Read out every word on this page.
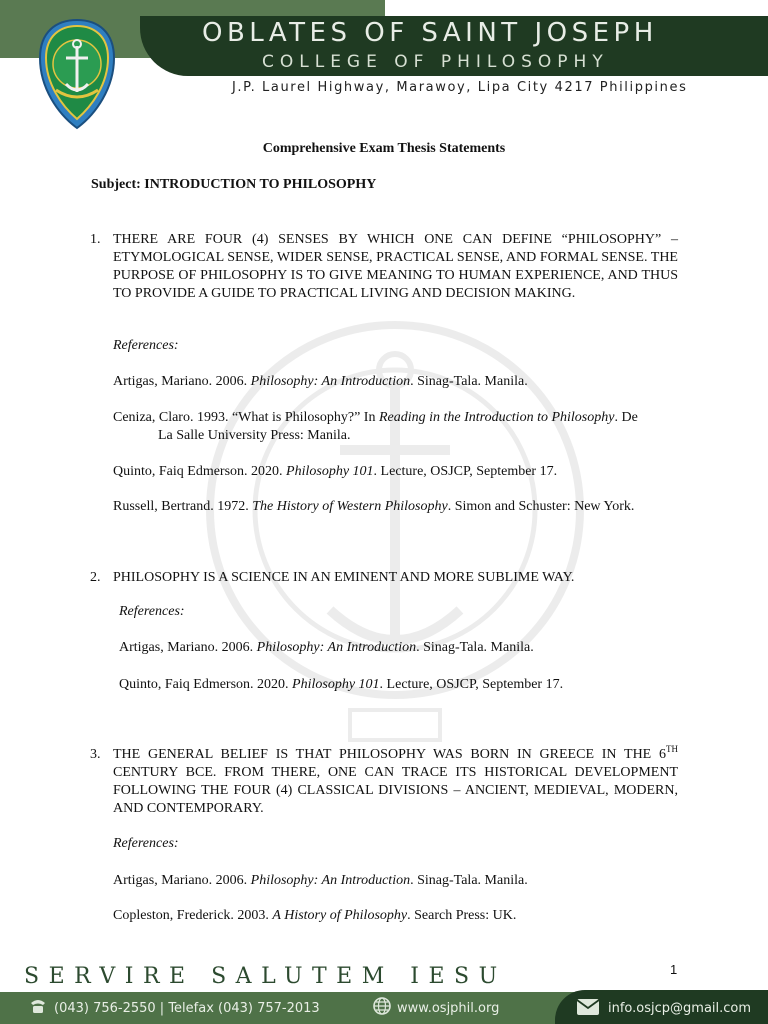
OBLATES OF SAINT JOSEPH
COLLEGE OF PHILOSOPHY
J.P. Laurel Highway, Marawoy, Lipa City 4217 Philippines
Comprehensive Exam Thesis Statements
Subject: INTRODUCTION TO PHILOSOPHY
1. THERE ARE FOUR (4) SENSES BY WHICH ONE CAN DEFINE “PHILOSOPHY” – ETYMOLOGICAL SENSE, WIDER SENSE, PRACTICAL SENSE, AND FORMAL SENSE. THE PURPOSE OF PHILOSOPHY IS TO GIVE MEANING TO HUMAN EXPERIENCE, AND THUS TO PROVIDE A GUIDE TO PRACTICAL LIVING AND DECISION MAKING.
References:
Artigas, Mariano. 2006. Philosophy: An Introduction. Sinag-Tala. Manila.
Ceniza, Claro. 1993. “What is Philosophy?” In Reading in the Introduction to Philosophy. De
La Salle University Press: Manila.
Quinto, Faiq Edmerson. 2020. Philosophy 101. Lecture, OSJCP, September 17.
Russell, Bertrand. 1972. The History of Western Philosophy. Simon and Schuster: New York.
2. PHILOSOPHY IS A SCIENCE IN AN EMINENT AND MORE SUBLIME WAY.
References:
Artigas, Mariano. 2006. Philosophy: An Introduction. Sinag-Tala. Manila.
Quinto, Faiq Edmerson. 2020. Philosophy 101. Lecture, OSJCP, September 17.
3. THE GENERAL BELIEF IS THAT PHILOSOPHY WAS BORN IN GREECE IN THE 6TH CENTURY BCE. FROM THERE, ONE CAN TRACE ITS HISTORICAL DEVELOPMENT FOLLOWING THE FOUR (4) CLASSICAL DIVISIONS – ANCIENT, MEDIEVAL, MODERN, AND CONTEMPORARY.
References:
Artigas, Mariano. 2006. Philosophy: An Introduction. Sinag-Tala. Manila.
Copleston, Frederick. 2003. A History of Philosophy. Search Press: UK.
1
SERVIRE SALUTEM IESU
(043) 756-2550 | Telefax (043) 757-2013	www.osjphil.org	info.osjcp@gmail.com
